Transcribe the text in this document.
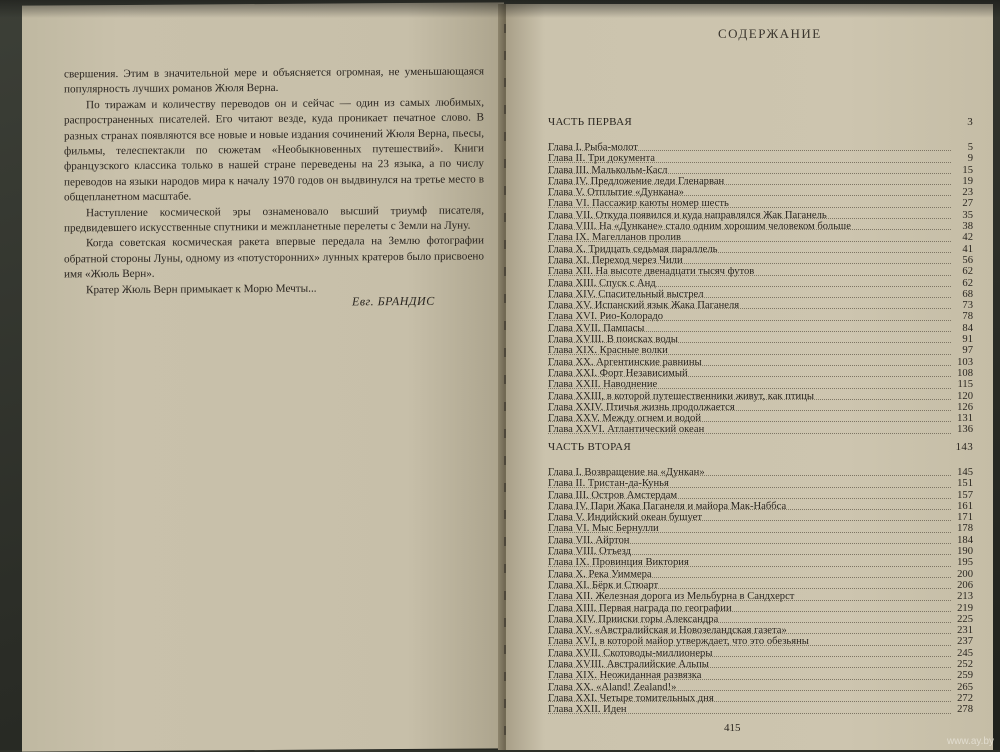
свершения. Этим в значительной мере и объясняется огромная, не уменьшающаяся популярность лучших романов Жюля Верна.

По тиражам и количеству переводов он и сейчас — один из самых любимых, распространенных писателей. Его читают везде, куда проникает печатное слово. В разных странах появляются все новые и новые издания сочинений Жюля Верна, пьесы, фильмы, телеспектакли по сюжетам «Необыкновенных путешествий». Книги французского классика только в нашей стране переведены на 23 языка, а по числу переводов на языки народов мира к началу 1970 годов он выдвинулся на третье место в общепланетном масштабе.

Наступление космической эры ознаменовало высший триумф писателя, предвидевшего искусственные спутники и межпланетные перелеты с Земли на Луну.

Когда советская космическая ракета впервые передала на Землю фотографии обратной стороны Луны, одному из «потусторонних» лунных кратеров было присвоено имя «Жюль Верн».

Кратер Жюль Верн примыкает к Морю Мечты...

Евг. БРАНДИС
СОДЕРЖАНИЕ
ЧАСТЬ ПЕРВАЯ	3
Глава I. Рыба-молот	5
Глава II. Три документа	9
Глава III. Малькольм-Касл	15
Глава IV. Предложение леди Гленарван	19
Глава V. Отплытие «Дункана»	23
Глава VI. Пассажир каюты номер шесть	27
Глава VII. Откуда появился и куда направлялся Жак Паганель	35
Глава VIII. На «Дункане» стало одним хорошим человеком больше	38
Глава IX. Магелланов пролив	42
Глава X. Тридцать седьмая параллель	41
Глава XI. Переход через Чили	56
Глава XII. На высоте двенадцати тысяч футов	62
Глава XIII. Спуск с Анд	62
Глава XIV. Спасительный выстрел	68
Глава XV. Испанский язык Жака Паганеля	73
Глава XVI. Рио-Колорадо	78
Глава XVII. Пампасы	84
Глава XVIII. В поисках воды	91
Глава XIX. Красные волки	97
Глава XX. Аргентинские равнины	103
Глава XXI. Форт Независимый	108
Глава XXII. Наводнение	115
Глава XXIII, в которой путешественники живут, как птицы	120
Глава XXIV. Птичья жизнь продолжается	126
Глава XXV. Между огнем и водой	131
Глава XXVI. Атлантический океан	136
ЧАСТЬ ВТОРАЯ	143
Глава I. Возвращение на «Дункан»	145
Глава II. Тристан-да-Кунья	151
Глава III. Остров Амстердам	157
Глава IV. Пари Жака Паганеля и майора Мак-Наббса	161
Глава V. Индийский океан бушует	171
Глава VI. Мыс Бернулли	178
Глава VII. Айртон	184
Глава VIII. Отъезд	190
Глава IX. Провинция Виктория	195
Глава X. Река Уиммера	200
Глава XI. Бёрк и Стюарт	206
Глава XII. Железная дорога из Мельбурна в Сандхерст	213
Глава XIII. Первая награда по географии	219
Глава XIV. Прииски горы Александра	225
Глава XV. «Австралийская и Новозеландская газета»	231
Глава XVI, в которой майор утверждает, что это обезьяны	237
Глава XVII. Скотоводы-миллионеры	245
Глава XVIII. Австралийские Альпы	252
Глава XIX. Неожиданная развязка	259
Глава XX. «Aland! Zealand!»	265
Глава XXI. Четыре томительных дня	272
Глава XXII. Иден	278
415
www.ay.by
